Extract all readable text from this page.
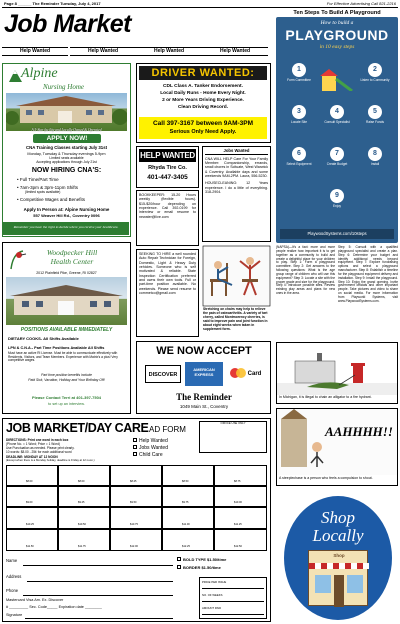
Page 8 ______ The Reminder Tuesday, July 4, 2017	For Effective Advertising Call 821-2216
Job Market
Help Wanted	Help Wanted	Help Wanted	Help Wanted
Alpine
Nursing Home
A 5-Star facility and Locally Owned & Operated
APPLY NOW!
CNA Training Classes starting July 31st
Monday, Tuesday & Thursday evenings 5-9pm
Limited seats available
Accepting applications through July 21st
NOW HIRING CNA'S:
• Full Time/Part Time
• 7am-3pm & 3pm-11pm Shifts
(limited spots available)
• Competitive Wages and Benefits
Apply In Person at: Alpine Nursing Home
557 Weaver Hill Rd., Coventry 0096
Remember you have the right to decide where you receive your healthcare.
Woodpecker Hill
Health Center
2012 Plainfield Pike, Greene, RI 02827
POSITIONS AVAILABLE IMMEDIATELY
DIETARY COOKS- All Shifts Available
LPN & C.N.A.- Part Time Positions Available All Shifts
Must have an active RI License. Must be able to communicate effectively with Residents, Visitors, and Team Members. Experience with Matrix's a plus! Very competitive wages.
Part time position benefits include
Paid Sick, Vacation, Holiday and Your Birthday Off!
Please Contact Terri at 401-397-7504
to set up an interview.
DRIVER WANTED:
CDL Class A. Tanker Endorsement.
Local Daily Runs - Home Every Night.
2 or More Years Driving Experience.
Clean Driving Record.
Call 397-3167 between 9AM-3PM
Serious Only Need Apply.
HELP WANTED
Rhyda Tire Co.
401-447-3405
BOOKKEEPER: 15-20 Hours weekly (flexible hours). $15-$20/hour depending on experience. Call 392-0199 for interview or email resume to newater@live.com
SEEKING TO HIRE a well rounded Auto Repair Technician for Foreign, Domestic, Light & Heavy Duty vehicles. Someone who is self motivated & reliable. State Inspection Certification preferred and owns their own tools. Full or part-time position available. No weekends. Please send resume to commetco@gmail.com
Jobs Wanted
CNA WILL HELP Care For Your Family Member: Companionship, errands, small chores in Scituate, West Warwick & Coventry. Available days and some weekends 9AM-2PM. Laura, 556-5230.
HOUSECLEANING: 12 Years experience. I do a little of everything. 318-2904.
Stretching on chairs may help to relieve the pain of osteoarthritis. A variety of tart cherry, called Montmorency cherries, is said to improve pain and joint function in about eight weeks when taken in supplement form.
WE NOW ACCEPT
DISCOVER
AMERICAN EXPRESS	Card
The Reminder
1049 Main St., Coventry
Ten Steps To Build A Playground
How to build a
PLAYGROUND
in 10 easy steps
1
Form Committee
2
Listen to Community
3
Locate Site
4
Consult Specialist
5
Raise Funds
6
Select Equipment
7
Create Budget
8
Install
9
Enjoy
PlaywoodSystems.com/10steps
(NAPSA)—It's a fact: more and more people realize how important it is to get together as a community to build and create a delightful place for your children to play. Step 1: Form a playground committee. Step 2: Get answers to the following questions: What is the age group range of children who will use this equipment? Step 3: Locate a site with the proper grade and size for the playground. Step 4: Introduce possible sites. Review existing play areas and plans for new ones in the area.
Step 5: Consult with a qualified playground specialist and create a plan. Step 6: Determine your budget and identify additional needs beyond equipment. Step 7: Explore fundraising options and select a playground manufacturer. Step 8: Establish a timeline for the playground equipment delivery and installation. Step 9: Install the playground. Step 10: Enjoy the grand opening. Invite government officials and other important people. Take pictures and video to share on social media. For more information from Playworld Systems, visit www.PlaywoodSystems.com.
In Michigan, it is illegal to chain an alligator to a fire hydrant.
AAHHHH!!
A steeplechase is a person who feels a compulsion to shout.
Shop
Locally
Shop
JOB MARKET/DAY CARE AD FORM
OFFICE USE ONLY
DIRECTIONS: Print one word in each box
(Phone No. = 1 Word; Price = 1 Word)
Use Punctuation as needed. Please print clearly.
10 words: $8.00 - 25¢ for each additional word
DEADLINE: MONDAY AT 12 NOON
(Except when there is a Monday holiday, deadline is Friday at 12 noon.)
Help Wanted
Jobs Wanted
Child Care
$8.00	$8.00	$8.25	$8.50	$8.75
$9.00	$9.25	$9.50	$9.75	$10.00
$10.25	$10.50	$10.75	$11.00	$11.25
$11.50	$11.75	$12.00	$12.25	$12.50
Name
Address
Phone
Mastercard Visa Am. Ex. Discover
# _________ Sec. Code_____ Expiration date ________
Signature
BOLD TYPE $1.50/time
BORDER $1.50/time
PRICE PER ISSUE
NO. OF WEEKS
AMOUNT PAID
